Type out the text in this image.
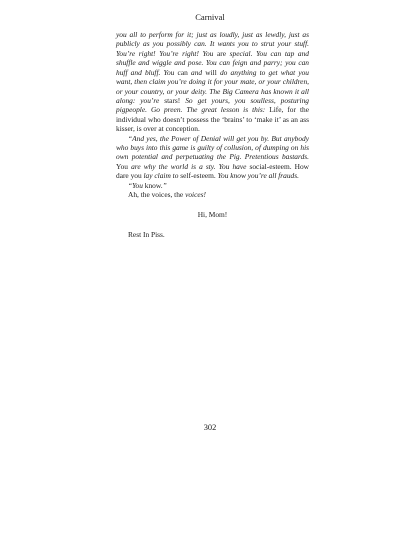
Carnival

you all to perform for it; just as loudly, just as lewdly, just as publicly as you possibly can. It wants you to strut your stuff. You’re right! You’re right! You are special. You can tap and shuffle and wiggle and pose. You can feign and parry; you can huff and bluff. You can and will do anything to get what you want, then claim you’re doing it for your mate, or your children, or your country, or your deity. The Big Camera has known it all along: you’re stars! So get yours, you soulless, posturing pigpeople. Go preen. The great lesson is this: Life, for the individual who doesn’t possess the ‘brains’ to ‘make it’ as an ass kisser, is over at conception.

“And yes, the Power of Denial will get you by. But anybody who buys into this game is guilty of collusion, of dumping on his own potential and perpetuating the Pig. Pretentious bastards. You are why the world is a sty. You have social-esteem. How dare you lay claim to self-esteem. You know you’re all frauds.

“You know.”

Ah, the voices, the voices!

Hi, Mom!

Rest In Piss.

302
